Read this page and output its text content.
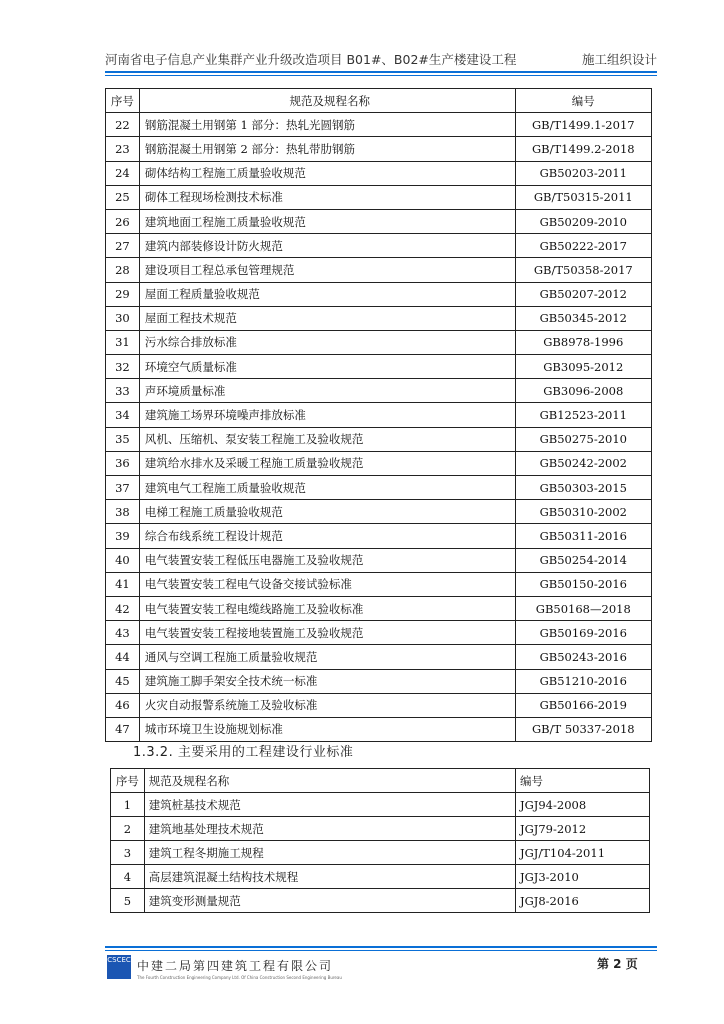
河南省电子信息产业集群产业升级改造项目 B01#、B02#生产楼建设工程	施工组织设计
序号	规范及规程名称	编号
22	钢筋混凝土用钢第 1 部分：热轧光圆钢筋	GB/T1499.1-2017
23	钢筋混凝土用钢第 2 部分：热轧带肋钢筋	GB/T1499.2-2018
24	砌体结构工程施工质量验收规范	GB50203-2011
25	砌体工程现场检测技术标准	GB/T50315-2011
26	建筑地面工程施工质量验收规范	GB50209-2010
27	建筑内部装修设计防火规范	GB50222-2017
28	建设项目工程总承包管理规范	GB/T50358-2017
29	屋面工程质量验收规范	GB50207-2012
30	屋面工程技术规范	GB50345-2012
31	污水综合排放标准	GB8978-1996
32	环境空气质量标准	GB3095-2012
33	声环境质量标准	GB3096-2008
34	建筑施工场界环境噪声排放标准	GB12523-2011
35	风机、压缩机、泵安装工程施工及验收规范	GB50275-2010
36	建筑给水排水及采暖工程施工质量验收规范	GB50242-2002
37	建筑电气工程施工质量验收规范	GB50303-2015
38	电梯工程施工质量验收规范	GB50310-2002
39	综合布线系统工程设计规范	GB50311-2016
40	电气装置安装工程低压电器施工及验收规范	GB50254-2014
41	电气装置安装工程电气设备交接试验标准	GB50150-2016
42	电气装置安装工程电缆线路施工及验收标准	GB50168—2018
43	电气装置安装工程接地装置施工及验收规范	GB50169-2016
44	通风与空调工程施工质量验收规范	GB50243-2016
45	建筑施工脚手架安全技术统一标准	GB51210-2016
46	火灾自动报警系统施工及验收标准	GB50166-2019
47	城市环境卫生设施规划标准	GB/T 50337-2018
1.3.2. 主要采用的工程建设行业标准
序号	规范及规程名称	编号
1	建筑桩基技术规范	JGJ94-2008
2	建筑地基处理技术规范	JGJ79-2012
3	建筑工程冬期施工规程	JGJ/T104-2011
4	高层建筑混凝土结构技术规程	JGJ3-2010
5	建筑变形测量规范	JGJ8-2016
CSCEC 中建二局第四建筑工程有限公司
The Fourth Construction Engineering Company Ltd. Of China Construction Second Engineering Bureau
第 2 页
